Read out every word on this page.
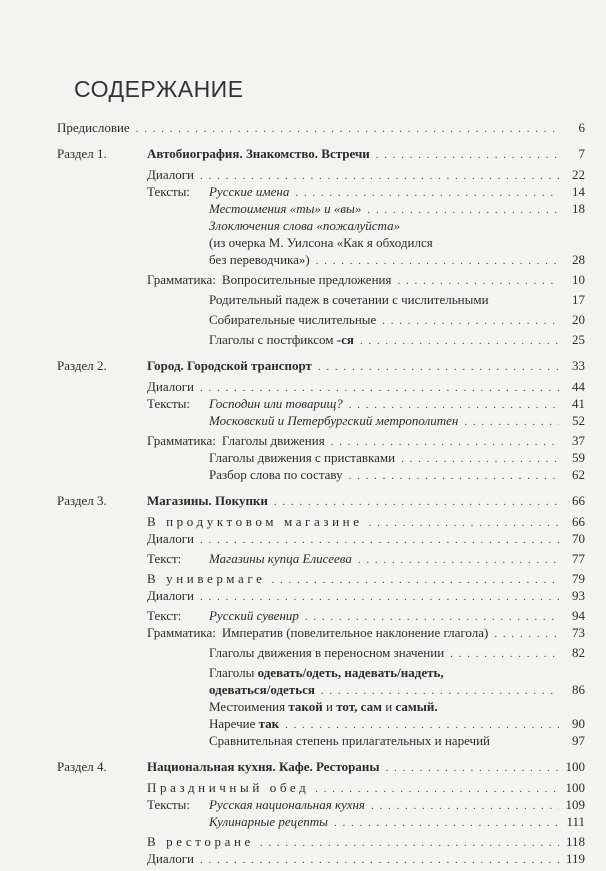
СОДЕРЖАНИЕ
Предисловие . . .	6
Раздел 1.	Автобиография. Знакомство. Встречи . . .	7
Диалоги . . .	22
Тексты:	Русские имена . . .	14
Местоимения «ты» и «вы» . . .	18
Злоключения слова «пожалуйста»
(из очерка М. Уилсона «Как я обходился
без переводчика») . . .	28
Грамматика: Вопросительные предложения . . .	10
Родительный падеж в сочетании с числительными	17
Собирательные числительные . . .	20
Глаголы с постфиксом -ся . . .	25
Раздел 2.	Город. Городской транспорт . . .	33
Диалоги . . .	44
Тексты:	Господин или товарищ? . . .	41
Московский и Петербургский метрополитен . . .	52
Грамматика: Глаголы движения . . .	37
Глаголы движения с приставками . . .	59
Разбор слова по составу . . .	62
Раздел 3.	Магазины. Покупки . . .	66
В продуктовом магазине . . .	66
Диалоги . . .	70
Текст:	Магазины купца Елисеева . . .	77
В универмаге . . .	79
Диалоги . . .	93
Текст:	Русский сувенир . . .	94
Грамматика: Императив (повелительное наклонение глагола) . . .	73
Глаголы движения в переносном значении . . .	82
Глаголы одевать/одеть, надевать/надеть,
одеваться/одеться . . .	86
Местоимения такой и тот, сам и самый.
Наречие так . . .	90
Сравнительная степень прилагательных и наречий	97
Раздел 4.	Национальная кухня. Кафе. Рестораны . . .	100
Праздничный обед . . .	100
Тексты:	Русская национальная кухня . . .	109
Кулинарные рецепты . . .	111
В ресторане . . .	118
Диалоги . . .	119
